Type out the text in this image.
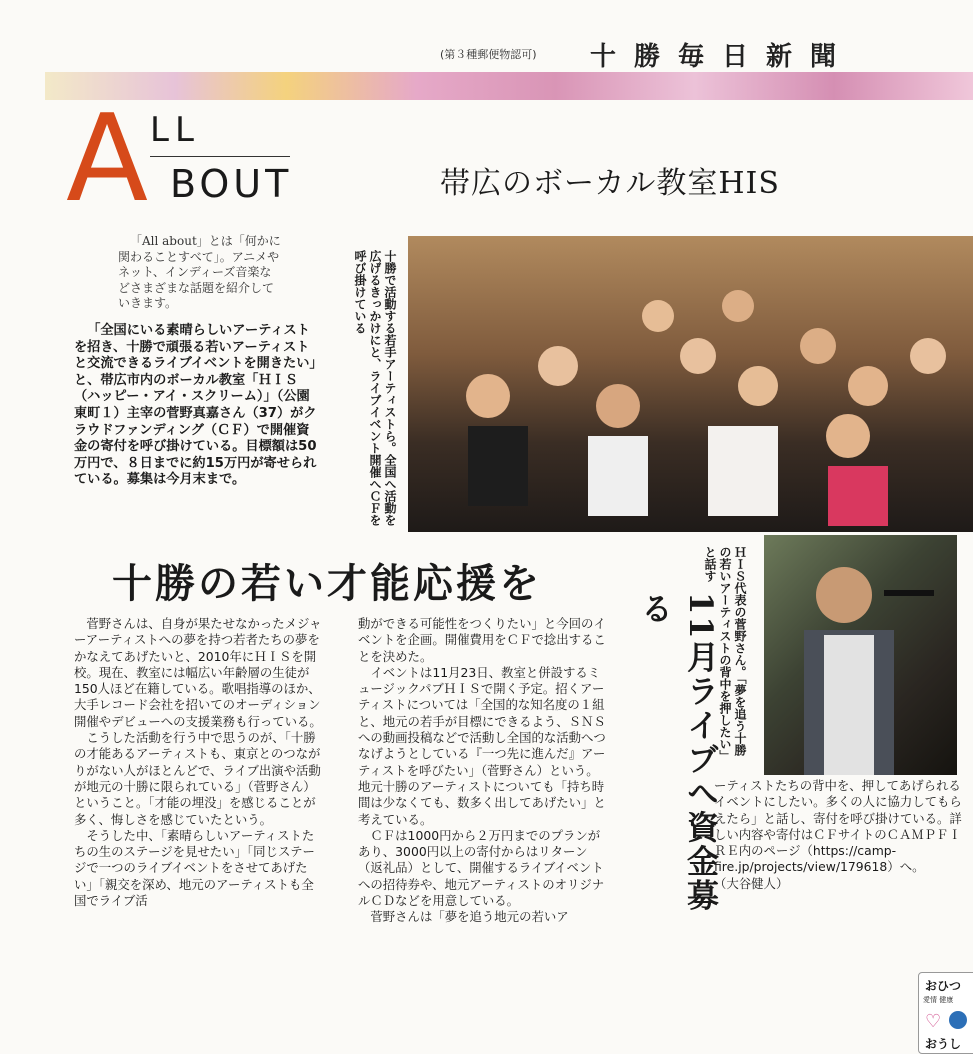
(第３種郵便物認可) 十勝毎日新聞
A LL
BOUT	帯広のボーカル教室HIS
「All about」とは「何かに関わることすべて」。アニメやネット、インディーズ音楽などさまざまな話題を紹介していきます。

「全国にいる素晴らしいアーティストを招き、十勝で頑張る若いアーティストと交流できるライブイベントを開きたい」と、帯広市内のボーカル教室「ＨＩＳ（ハッピー・アイ・スクリーム）」（公園東町１）主宰の菅野真嘉さん（37）がクラウドファンディング（ＣＦ）で開催資金の寄付を呼び掛けている。目標額は50万円で、８日までに約15万円が寄せられている。募集は今月末まで。	十勝で活動する若手アーティストら。全国へ活動を広げるきっかけにと、ライブイベント開催へＣＦを呼び掛けている
十勝の若い才能応援を
11月ライブへ資金募る	ＨＩＳ代表の菅野さん。「夢を追う十勝の若いアーティストの背中を押したい」と話す

菅野さんは、自身が果たせなかったメジャーアーティストへの夢を持つ若者たちの夢をかなえてあげたいと、2010年にＨＩＳを開校。現在、教室には幅広い年齢層の生徒が150人ほど在籍している。歌唱指導のほか、大手レコード会社を招いてのオーディション開催やデビューへの支援業務も行っている。

こうした活動を行う中で思うのが、「十勝の才能あるアーティストも、東京とのつながりがない人がほとんどで、ライブ出演や活動が地元の十勝に限られている」（菅野さん）ということ。「才能の埋没」を感じることが多く、悔しさを感じていたという。

そうした中、「素晴らしいアーティストたちの生のステージを見せたい」「同じステージで一つのライブイベントをさせてあげたい」「親交を深め、地元のアーティストも全国でライブ活

動ができる可能性をつくりたい」と今回のイベントを企画。開催費用をＣＦで捻出することを決めた。

イベントは11月23日、教室と併設するミュージックパブＨＩＳで開く予定。招くアーティストについては「全国的な知名度の１組と、地元の若手が目標にできるよう、ＳＮＳへの動画投稿などで活動し全国的な活動へつなげようとしている『一つ先に進んだ』アーティストを呼びたい」（菅野さん）という。地元十勝のアーティストについても「持ち時間は少なくても、数多く出してあげたい」と考えている。

ＣＦは1000円から２万円までのプランがあり、3000円以上の寄付からはリターン（返礼品）として、開催するライブイベントへの招待券や、地元アーティストのオリジナルＣＤなどを用意している。

菅野さんは「夢を追う地元の若いア

ーティストたちの背中を、押してあげられるイベントにしたい。多くの人に協力してもらえたら」と話し、寄付を呼び掛けている。詳しい内容や寄付はＣＦサイトのＣＡＭＰＦＩＲＥ内のページ（https://camp-fire.jp/projects/view/179618）へ。　　　（大谷健人）

おひつ
愛情 健康
♡
おうし
